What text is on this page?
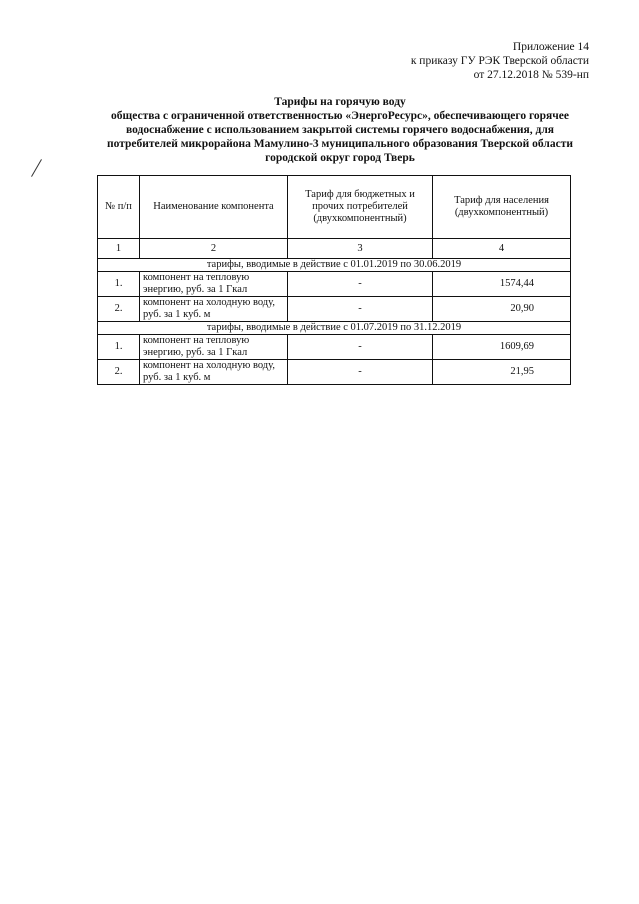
Приложение 14
к приказу ГУ РЭК Тверской области
от 27.12.2018 № 539-нп
Тарифы на горячую воду
общества с ограниченной ответственностью «ЭнергоРесурс», обеспечивающего горячее
водоснабжение с использованием закрытой системы горячего водоснабжения, для
потребителей микрорайона Мамулино-3 муниципального образования Тверской области
городской округ город Тверь
№ п/п	Наименование компонента	Тариф для бюджетных и прочих потребителей (двухкомпонентный)	Тариф для населения (двухкомпонентный)
1	2	3	4
тарифы, вводимые в действие с 01.01.2019 по 30.06.2019			
1.	компонент на тепловую энергию, руб. за 1 Гкал	-	1574,44
2.	компонент на холодную воду, руб. за 1 куб. м	-	20,90
тарифы, вводимые в действие с 01.07.2019 по 31.12.2019			
1.	компонент на тепловую энергию, руб. за 1 Гкал	-	1609,69
2.	компонент на холодную воду, руб. за 1 куб. м	-	21,95
